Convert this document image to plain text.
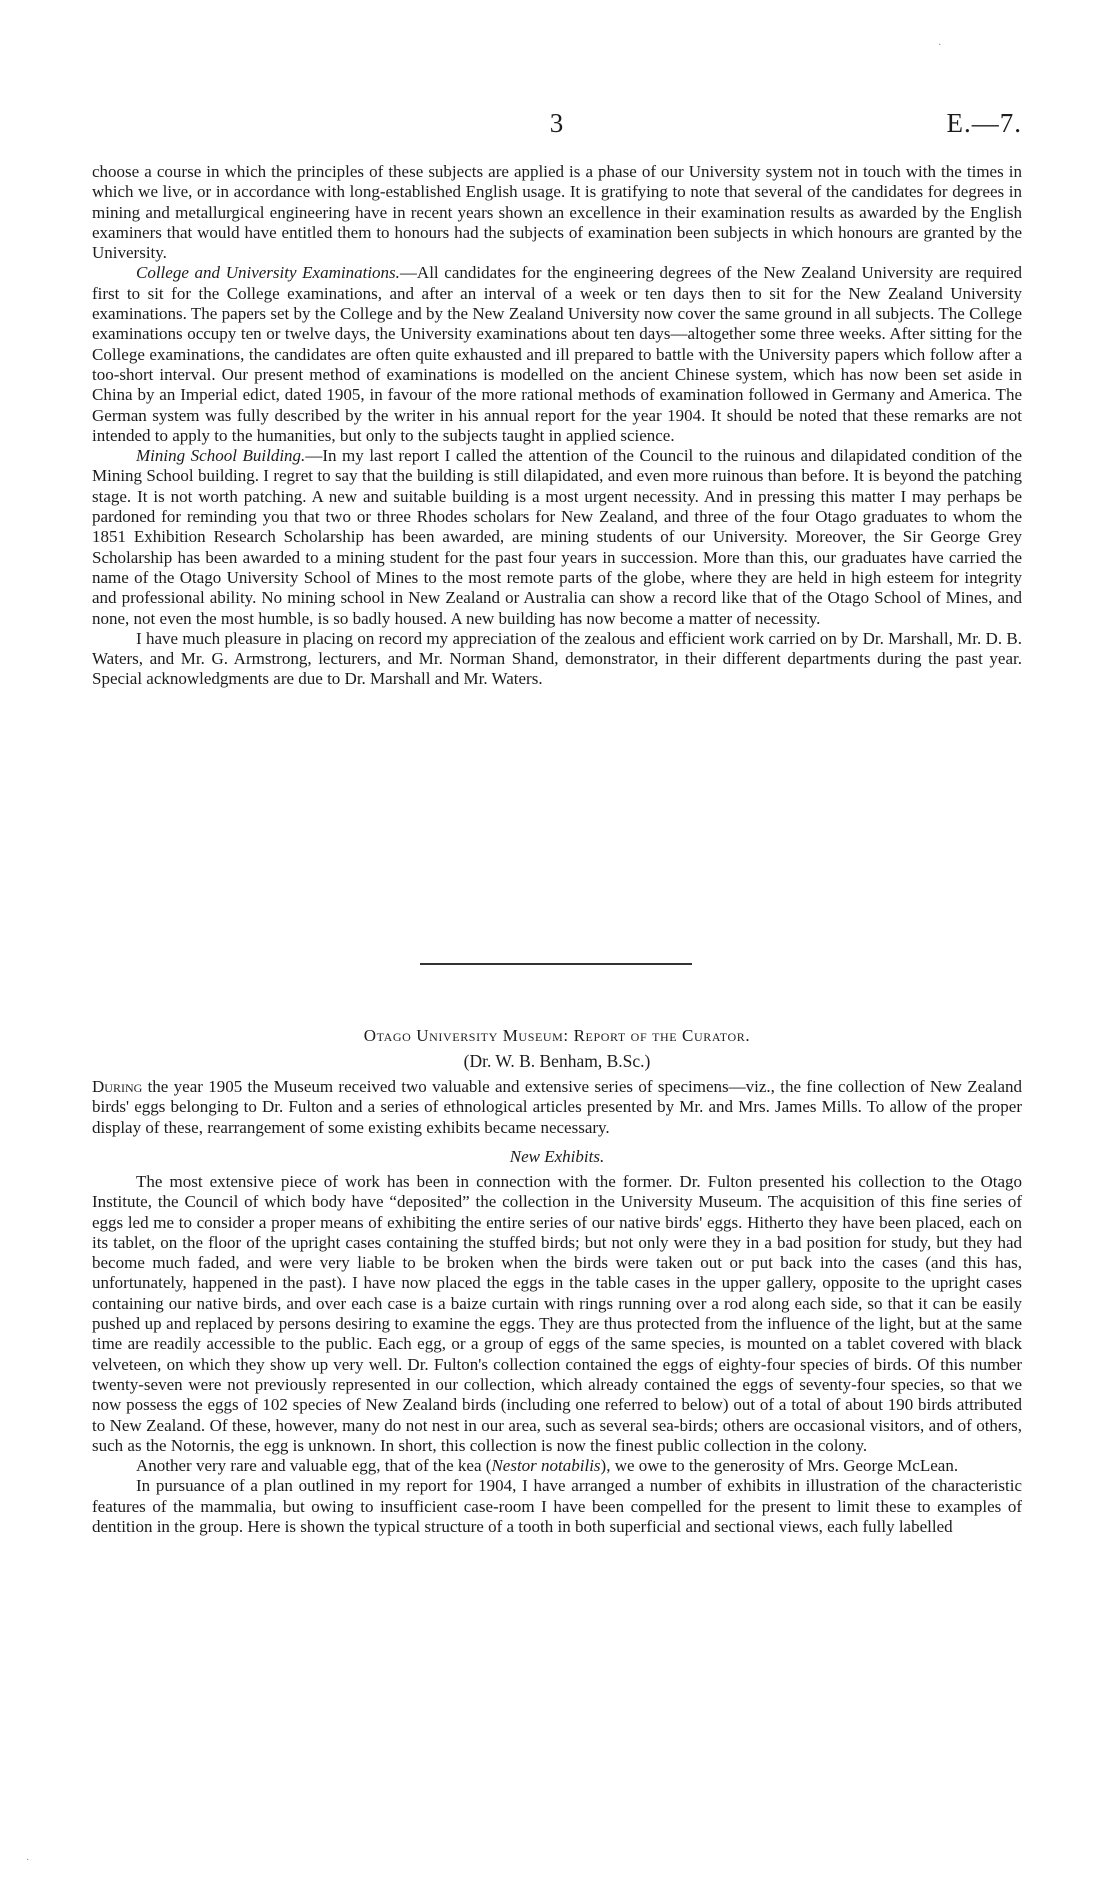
3	E.—7.

choose a course in which the principles of these subjects are applied is a phase of our University system not in touch with the times in which we live, or in accordance with long-established English usage. It is gratifying to note that several of the candidates for degrees in mining and metallurgical engineering have in recent years shown an excellence in their examination results as awarded by the English examiners that would have entitled them to honours had the subjects of examination been subjects in which honours are granted by the University.

College and University Examinations.—All candidates for the engineering degrees of the New Zealand University are required first to sit for the College examinations, and after an interval of a week or ten days then to sit for the New Zealand University examinations. The papers set by the College and by the New Zealand University now cover the same ground in all subjects. The College examinations occupy ten or twelve days, the University examinations about ten days—altogether some three weeks. After sitting for the College examinations, the candidates are often quite exhausted and ill prepared to battle with the University papers which follow after a too-short interval. Our present method of examinations is modelled on the ancient Chinese system, which has now been set aside in China by an Imperial edict, dated 1905, in favour of the more rational methods of examination followed in Germany and America. The German system was fully described by the writer in his annual report for the year 1904. It should be noted that these remarks are not intended to apply to the humanities, but only to the subjects taught in applied science.

Mining School Building.—In my last report I called the attention of the Council to the ruinous and dilapidated condition of the Mining School building. I regret to say that the building is still dilapidated, and even more ruinous than before. It is beyond the patching stage. It is not worth patching. A new and suitable building is a most urgent necessity. And in pressing this matter I may perhaps be pardoned for reminding you that two or three Rhodes scholars for New Zealand, and three of the four Otago graduates to whom the 1851 Exhibition Research Scholarship has been awarded, are mining students of our University. Moreover, the Sir George Grey Scholarship has been awarded to a mining student for the past four years in succession. More than this, our graduates have carried the name of the Otago University School of Mines to the most remote parts of the globe, where they are held in high esteem for integrity and professional ability. No mining school in New Zealand or Australia can show a record like that of the Otago School of Mines, and none, not even the most humble, is so badly housed. A new building has now become a matter of necessity.

I have much pleasure in placing on record my appreciation of the zealous and efficient work carried on by Dr. Marshall, Mr. D. B. Waters, and Mr. G. Armstrong, lecturers, and Mr. Norman Shand, demonstrator, in their different departments during the past year. Special acknowledgments are due to Dr. Marshall and Mr. Waters.

Otago University Museum: Report of the Curator.
(Dr. W. B. Benham, B.Sc.)

During the year 1905 the Museum received two valuable and extensive series of specimens—viz., the fine collection of New Zealand birds' eggs belonging to Dr. Fulton and a series of ethnological articles presented by Mr. and Mrs. James Mills. To allow of the proper display of these, rearrangement of some existing exhibits became necessary.

New Exhibits.

The most extensive piece of work has been in connection with the former. Dr. Fulton presented his collection to the Otago Institute, the Council of which body have “deposited” the collection in the University Museum. The acquisition of this fine series of eggs led me to consider a proper means of exhibiting the entire series of our native birds' eggs. Hitherto they have been placed, each on its tablet, on the floor of the upright cases containing the stuffed birds; but not only were they in a bad position for study, but they had become much faded, and were very liable to be broken when the birds were taken out or put back into the cases (and this has, unfortunately, happened in the past). I have now placed the eggs in the table cases in the upper gallery, opposite to the upright cases containing our native birds, and over each case is a baize curtain with rings running over a rod along each side, so that it can be easily pushed up and replaced by persons desiring to examine the eggs. They are thus protected from the influence of the light, but at the same time are readily accessible to the public. Each egg, or a group of eggs of the same species, is mounted on a tablet covered with black velveteen, on which they show up very well. Dr. Fulton's collection contained the eggs of eighty-four species of birds. Of this number twenty-seven were not previously represented in our collection, which already contained the eggs of seventy-four species, so that we now possess the eggs of 102 species of New Zealand birds (including one referred to below) out of a total of about 190 birds attributed to New Zealand. Of these, however, many do not nest in our area, such as several sea-birds; others are occasional visitors, and of others, such as the Notornis, the egg is unknown. In short, this collection is now the finest public collection in the colony.

Another very rare and valuable egg, that of the kea (Nestor notabilis), we owe to the generosity of Mrs. George McLean.

In pursuance of a plan outlined in my report for 1904, I have arranged a number of exhibits in illustration of the characteristic features of the mammalia, but owing to insufficient case-room I have been compelled for the present to limit these to examples of dentition in the group. Here is shown the typical structure of a tooth in both superficial and sectional views, each fully labelled

·
·
